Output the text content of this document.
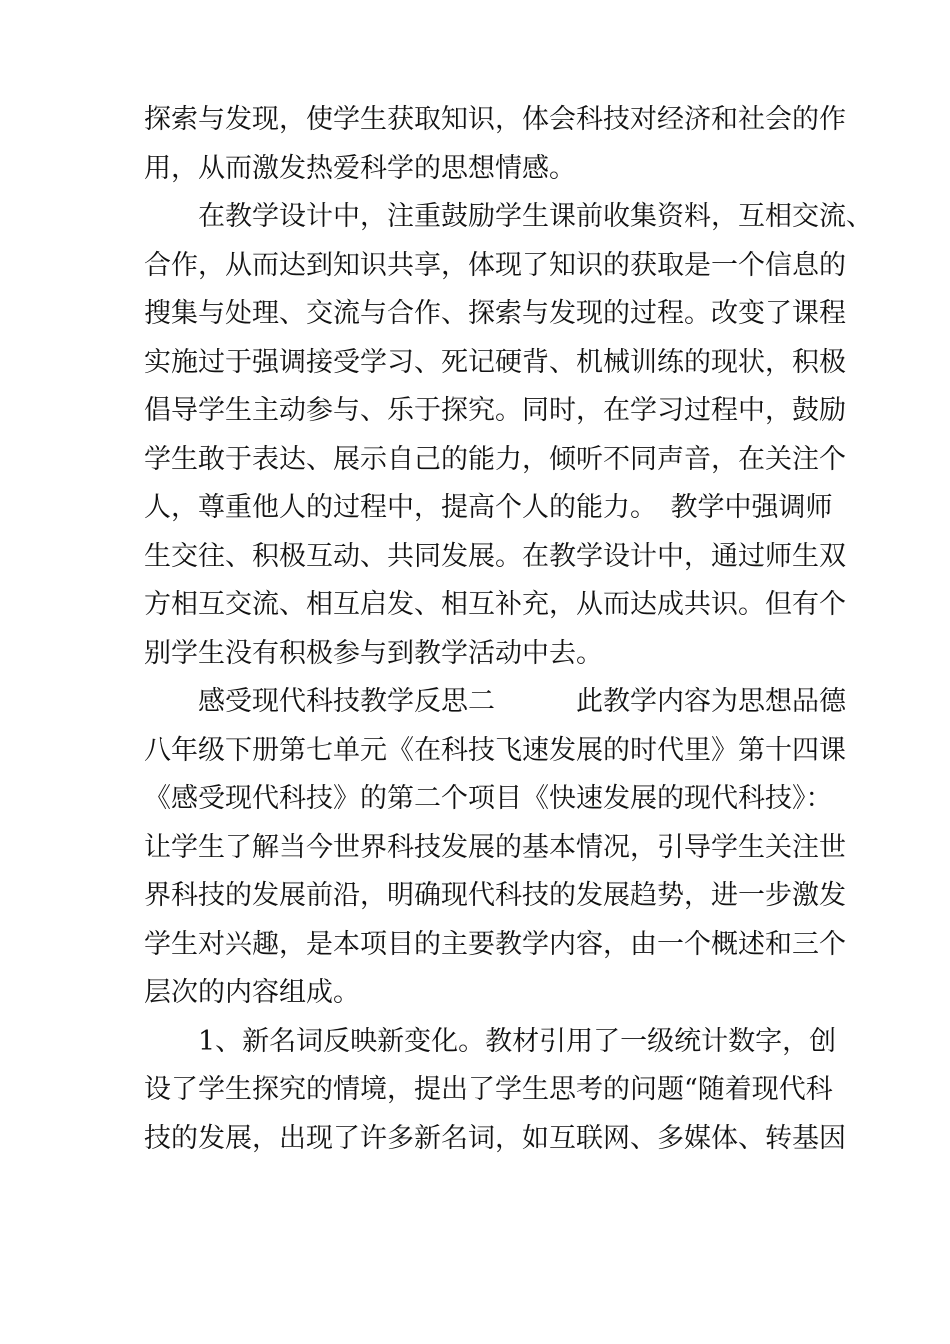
探索与发现，使学生获取知识，体会科技对经济和社会的作
用，从而激发热爱科学的思想情感。
　　在教学设计中，注重鼓励学生课前收集资料，互相交流、
合作，从而达到知识共享，体现了知识的获取是一个信息的
搜集与处理、交流与合作、探索与发现的过程。改变了课程
实施过于强调接受学习、死记硬背、机械训练的现状，积极
倡导学生主动参与、乐于探究。同时，在学习过程中，鼓励
学生敢于表达、展示自己的能力，倾听不同声音，在关注个
人，尊重他人的过程中，提高个人的能力。　教学中强调师
生交往、积极互动、共同发展。在教学设计中，通过师生双
方相互交流、相互启发、相互补充，从而达成共识。但有个
别学生没有积极参与到教学活动中去。
　　感受现代科技教学反思二　　　此教学内容为思想品德
八年级下册第七单元《在科技飞速发展的时代里》第十四课
《感受现代科技》的第二个项目《快速发展的现代科技》：
让学生了解当今世界科技发展的基本情况，引导学生关注世
界科技的发展前沿，明确现代科技的发展趋势，进一步激发
学生对兴趣，是本项目的主要教学内容，由一个概述和三个
层次的内容组成。
　　1、新名词反映新变化。教材引用了一级统计数字，创
设了学生探究的情境，提出了学生思考的问题“随着现代科
技的发展，出现了许多新名词，如互联网、多媒体、转基因
